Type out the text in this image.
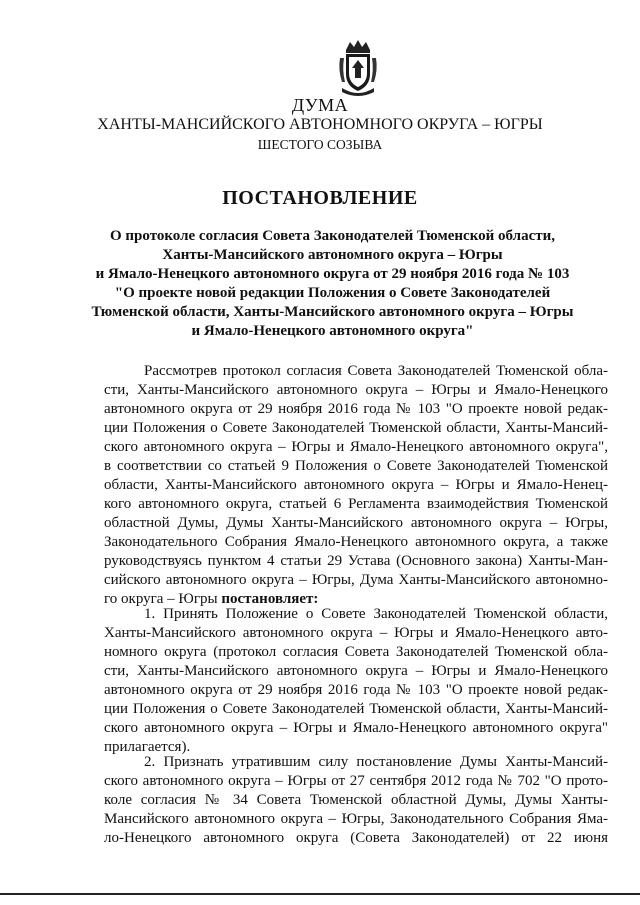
ДУМА
ХАНТЫ-МАНСИЙСКОГО АВТОНОМНОГО ОКРУГА – ЮГРЫ
ШЕСТОГО СОЗЫВА
ПОСТАНОВЛЕНИЕ
О протоколе согласия Совета Законодателей Тюменской области,
Ханты-Мансийского автономного округа – Югры
и Ямало-Ненецкого автономного округа от 29 ноября 2016 года № 103
"О проекте новой редакции Положения о Совете Законодателей
Тюменской области, Ханты-Мансийского автономного округа – Югры
и Ямало-Ненецкого автономного округа"
Рассмотрев протокол согласия Совета Законодателей Тюменской обла-
сти, Ханты-Мансийского автономного округа – Югры и Ямало-Ненецкого
автономного округа от 29 ноября 2016 года № 103 "О проекте новой редак-
ции Положения о Совете Законодателей Тюменской области, Ханты-Мансий-
ского автономного округа – Югры и Ямало-Ненецкого автономного округа",
в соответствии со статьей 9 Положения о Совете Законодателей Тюменской
области, Ханты-Мансийского автономного округа – Югры и Ямало-Ненец-
кого автономного округа, статьей 6 Регламента взаимодействия Тюменской
областной Думы, Думы Ханты-Мансийского автономного округа – Югры,
Законодательного Собрания Ямало-Ненецкого автономного округа, а также
руководствуясь пунктом 4 статьи 29 Устава (Основного закона) Ханты-Ман-
сийского автономного округа – Югры, Дума Ханты-Мансийского автономно-
го округа – Югры постановляет:
1. Принять Положение о Совете Законодателей Тюменской области,
Ханты-Мансийского автономного округа – Югры и Ямало-Ненецкого авто-
номного округа (протокол согласия Совета Законодателей Тюменской обла-
сти, Ханты-Мансийского автономного округа – Югры и Ямало-Ненецкого
автономного округа от 29 ноября 2016 года № 103 "О проекте новой редак-
ции Положения о Совете Законодателей Тюменской области, Ханты-Мансий-
ского автономного округа – Югры и Ямало-Ненецкого автономного округа"
прилагается).
2. Признать утратившим силу постановление Думы Ханты-Мансий-
ского автономного округа – Югры от 27 сентября 2012 года № 702 "О прото-
коле согласия № 34 Совета Тюменской областной Думы, Думы Ханты-
Мансийского автономного округа – Югры, Законодательного Собрания Яма-
ло-Ненецкого автономного округа (Совета Законодателей) от 22 июня
